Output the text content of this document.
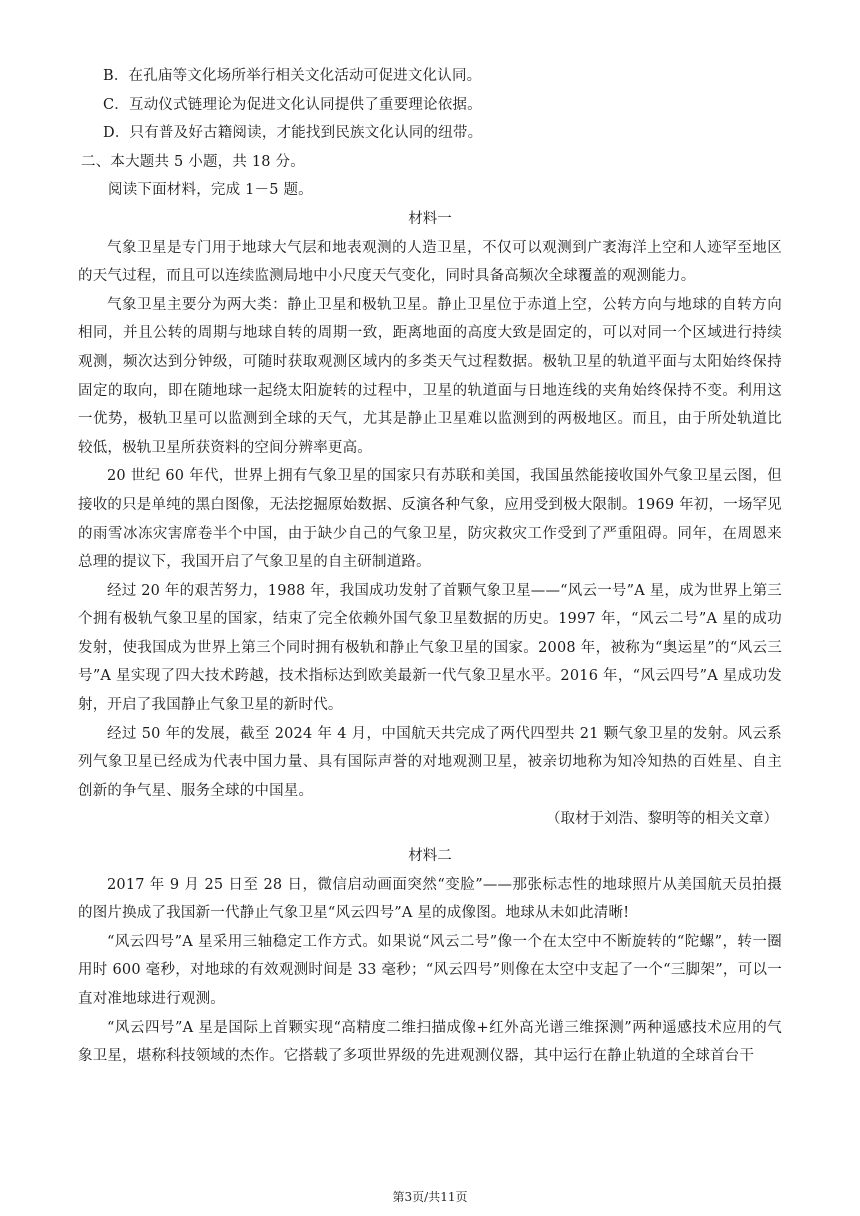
B．在孔庙等文化场所举行相关文化活动可促进文化认同。

C．互动仪式链理论为促进文化认同提供了重要理论依据。

D．只有普及好古籍阅读，才能找到民族文化认同的纽带。

二、本大题共 5 小题，共 18 分。

阅读下面材料，完成 1－5 题。

材料一

气象卫星是专门用于地球大气层和地表观测的人造卫星，不仅可以观测到广袤海洋上空和人迹罕至地区的天气过程，而且可以连续监测局地中小尺度天气变化，同时具备高频次全球覆盖的观测能力。

气象卫星主要分为两大类：静止卫星和极轨卫星。静止卫星位于赤道上空，公转方向与地球的自转方向相同，并且公转的周期与地球自转的周期一致，距离地面的高度大致是固定的，可以对同一个区域进行持续观测，频次达到分钟级，可随时获取观测区域内的多类天气过程数据。极轨卫星的轨道平面与太阳始终保持固定的取向，即在随地球一起绕太阳旋转的过程中，卫星的轨道面与日地连线的夹角始终保持不变。利用这一优势，极轨卫星可以监测到全球的天气，尤其是静止卫星难以监测到的两极地区。而且，由于所处轨道比较低，极轨卫星所获资料的空间分辨率更高。

20 世纪 60 年代，世界上拥有气象卫星的国家只有苏联和美国，我国虽然能接收国外气象卫星云图，但接收的只是单纯的黑白图像，无法挖掘原始数据、反演各种气象，应用受到极大限制。1969 年初，一场罕见的雨雪冰冻灾害席卷半个中国，由于缺少自己的气象卫星，防灾救灾工作受到了严重阻碍。同年，在周恩来总理的提议下，我国开启了气象卫星的自主研制道路。

经过 20 年的艰苦努力，1988 年，我国成功发射了首颗气象卫星——“风云一号”A 星，成为世界上第三个拥有极轨气象卫星的国家，结束了完全依赖外国气象卫星数据的历史。1997 年，“风云二号”A 星的成功发射，使我国成为世界上第三个同时拥有极轨和静止气象卫星的国家。2008 年，被称为“奥运星”的“风云三号”A 星实现了四大技术跨越，技术指标达到欧美最新一代气象卫星水平。2016 年，“风云四号”A 星成功发射，开启了我国静止气象卫星的新时代。

经过 50 年的发展，截至 2024 年 4 月，中国航天共完成了两代四型共 21 颗气象卫星的发射。风云系列气象卫星已经成为代表中国力量、具有国际声誉的对地观测卫星，被亲切地称为知冷知热的百姓星、自主创新的争气星、服务全球的中国星。

（取材于刘浩、黎明等的相关文章）

材料二

2017 年 9 月 25 日至 28 日，微信启动画面突然“变脸”——那张标志性的地球照片从美国航天员拍摄的图片换成了我国新一代静止气象卫星“风云四号”A 星的成像图。地球从未如此清晰!

“风云四号”A 星采用三轴稳定工作方式。如果说“风云二号”像一个在太空中不断旋转的“陀螺”，转一圈用时 600 毫秒，对地球的有效观测时间是 33 毫秒；“风云四号”则像在太空中支起了一个“三脚架”，可以一直对准地球进行观测。

“风云四号”A 星是国际上首颗实现“高精度二维扫描成像+红外高光谱三维探测”两种遥感技术应用的气象卫星，堪称科技领域的杰作。它搭载了多项世界级的先进观测仪器，其中运行在静止轨道的全球首台干

第3页/共11页
